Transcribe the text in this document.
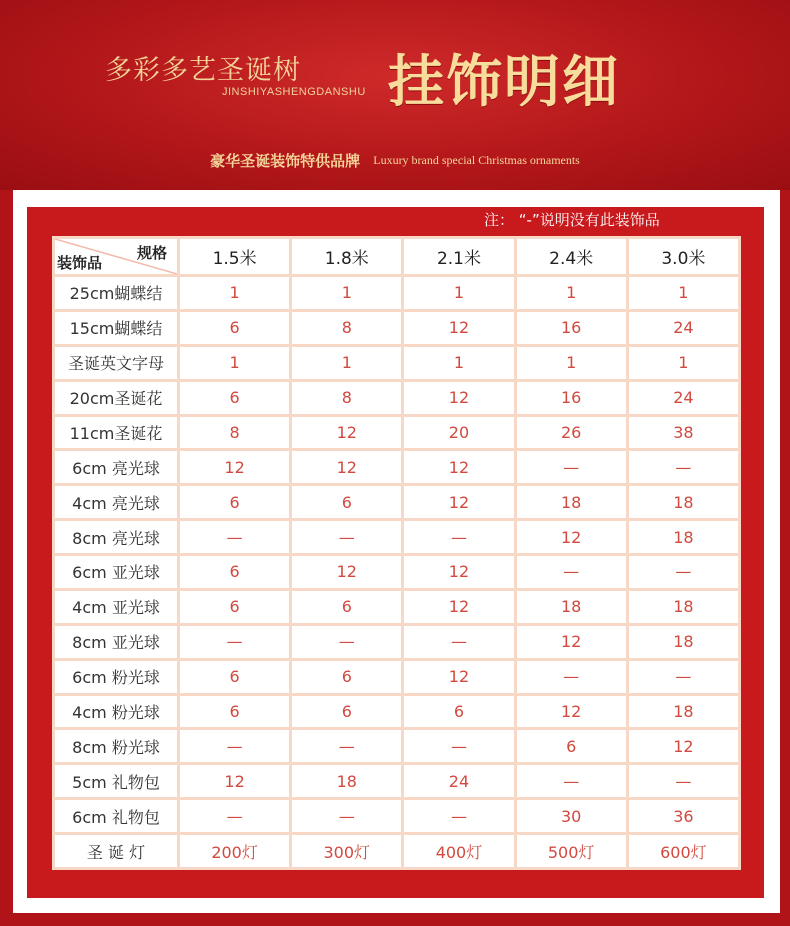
多彩多艺圣诞树
JINSHIYASHENGDANSHU 挂饰明细
豪华圣诞装饰特供品牌 Luxury brand special Christmas ornaments
注： “-”说明没有此装饰品
规格
装饰品	1.5米	1.8米	2.1米	2.4米	3.0米
25cm蝴蝶结	1	1	1	1	1
15cm蝴蝶结	6	8	12	16	24
圣诞英文字母	1	1	1	1	1
20cm圣诞花	6	8	12	16	24
11cm圣诞花	8	12	20	26	38
6cm 亮光球	12	12	12	—	—
4cm 亮光球	6	6	12	18	18
8cm 亮光球	—	—	—	12	18
6cm 亚光球	6	12	12	—	—
4cm 亚光球	6	6	12	18	18
8cm 亚光球	—	—	—	12	18
6cm 粉光球	6	6	12	—	—
4cm 粉光球	6	6	6	12	18
8cm 粉光球	—	—	—	6	12
5cm 礼物包	12	18	24	—	—
6cm 礼物包	—	—	—	30	36
圣 诞 灯	200灯	300灯	400灯	500灯	600灯
